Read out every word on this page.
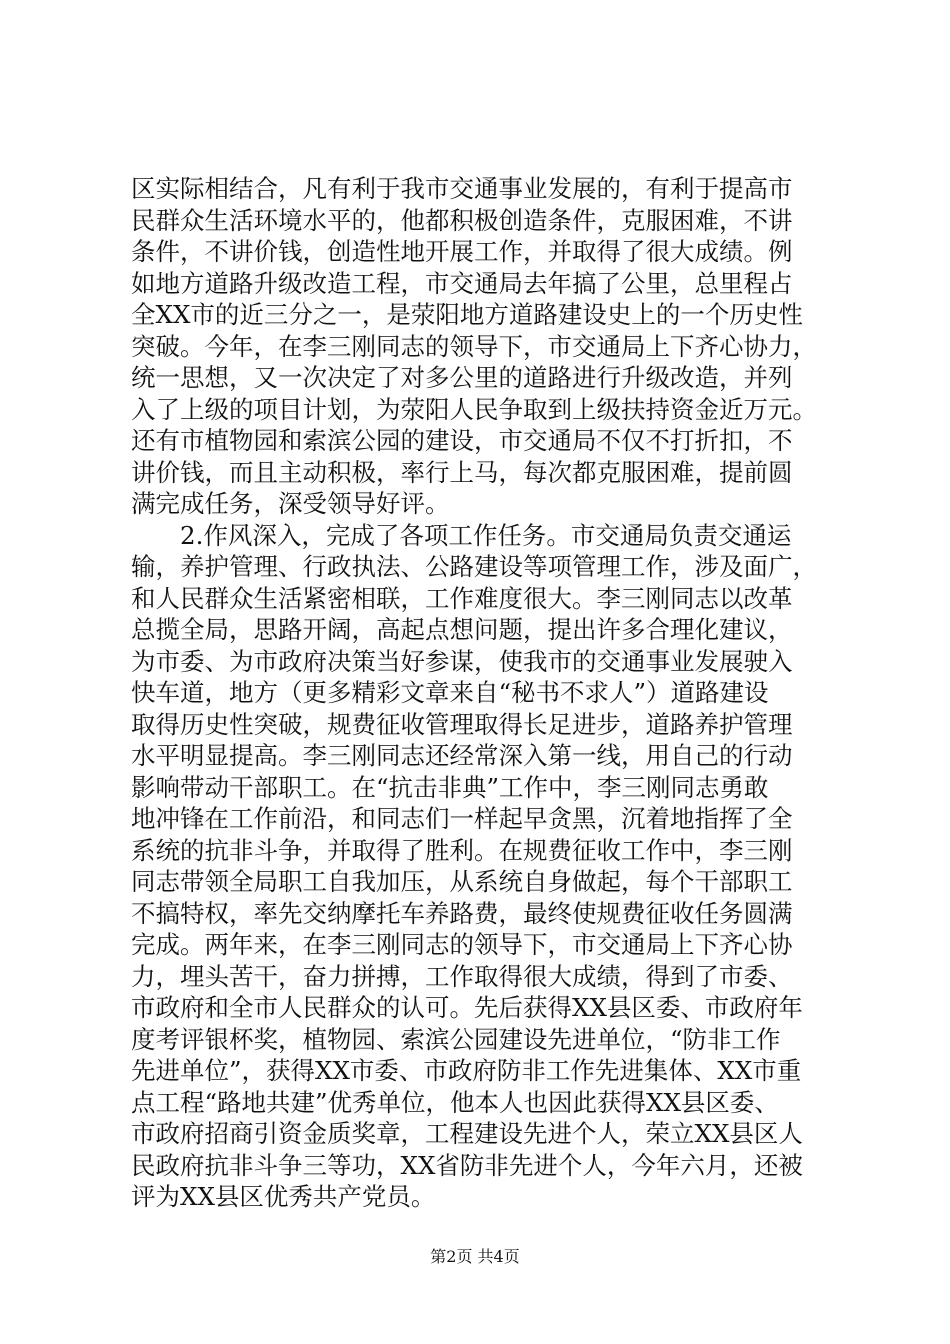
区实际相结合，凡有利于我市交通事业发展的，有利于提高市
民群众生活环境水平的，他都积极创造条件，克服困难，不讲
条件，不讲价钱，创造性地开展工作，并取得了很大成绩。例
如地方道路升级改造工程，市交通局去年搞了公里，总里程占
全XX市的近三分之一，是荥阳地方道路建设史上的一个历史性
突破。今年，在李三刚同志的领导下，市交通局上下齐心协力，
统一思想，又一次决定了对多公里的道路进行升级改造，并列
入了上级的项目计划，为荥阳人民争取到上级扶持资金近万元。
还有市植物园和索滨公园的建设，市交通局不仅不打折扣，不
讲价钱，而且主动积极，率行上马，每次都克服困难，提前圆
满完成任务，深受领导好评。
2.作风深入，完成了各项工作任务。市交通局负责交通运
输，养护管理、行政执法、公路建设等项管理工作，涉及面广，
和人民群众生活紧密相联，工作难度很大。李三刚同志以改革
总揽全局，思路开阔，高起点想问题，提出许多合理化建议，
为市委、为市政府决策当好参谋，使我市的交通事业发展驶入
快车道，地方（更多精彩文章来自“秘书不求人”）道路建设
取得历史性突破，规费征收管理取得长足进步，道路养护管理
水平明显提高。李三刚同志还经常深入第一线，用自己的行动
影响带动干部职工。在“抗击非典”工作中，李三刚同志勇敢
地冲锋在工作前沿，和同志们一样起早贪黑，沉着地指挥了全
系统的抗非斗争，并取得了胜利。在规费征收工作中，李三刚
同志带领全局职工自我加压，从系统自身做起，每个干部职工
不搞特权，率先交纳摩托车养路费，最终使规费征收任务圆满
完成。两年来，在李三刚同志的领导下，市交通局上下齐心协
力，埋头苦干，奋力拼搏，工作取得很大成绩，得到了市委、
市政府和全市人民群众的认可。先后获得XX县区委、市政府年
度考评银杯奖，植物园、索滨公园建设先进单位，“防非工作
先进单位”，获得XX市委、市政府防非工作先进集体、XX市重
点工程“路地共建”优秀单位，他本人也因此获得XX县区委、
市政府招商引资金质奖章，工程建设先进个人，荣立XX县区人
民政府抗非斗争三等功，XX省防非先进个人，今年六月，还被
评为XX县区优秀共产党员。
第2页 共4页
